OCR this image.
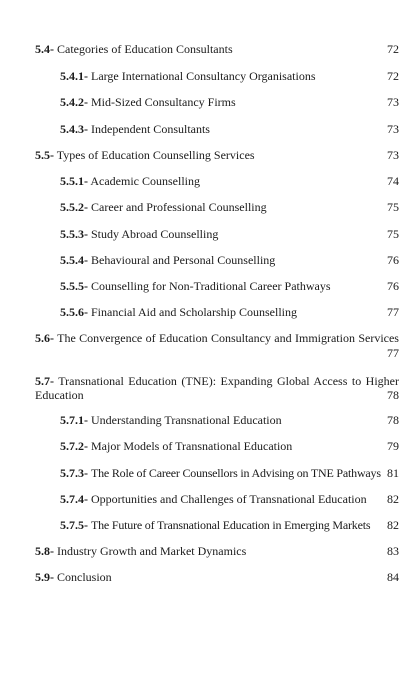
5.4- Categories of Education Consultants	72
5.4.1- Large International Consultancy Organisations	72
5.4.2- Mid-Sized Consultancy Firms	73
5.4.3- Independent Consultants	73
5.5- Types of Education Counselling Services	73
5.5.1- Academic Counselling	74
5.5.2- Career and Professional Counselling	75
5.5.3- Study Abroad Counselling	75
5.5.4- Behavioural and Personal Counselling	76
5.5.5- Counselling for Non-Traditional Career Pathways	76
5.5.6- Financial Aid and Scholarship Counselling	77
5.6- The Convergence of Education Consultancy and Immigration Services
77
5.7- Transnational Education (TNE): Expanding Global Access to Higher
Education	78
5.7.1- Understanding Transnational Education	78
5.7.2- Major Models of Transnational Education	79
5.7.3- The Role of Career Counsellors in Advising on TNE Pathways 81
5.7.4- Opportunities and Challenges of Transnational Education 82
5.7.5- The Future of Transnational Education in Emerging Markets 82
5.8- Industry Growth and Market Dynamics	83
5.9- Conclusion	84
